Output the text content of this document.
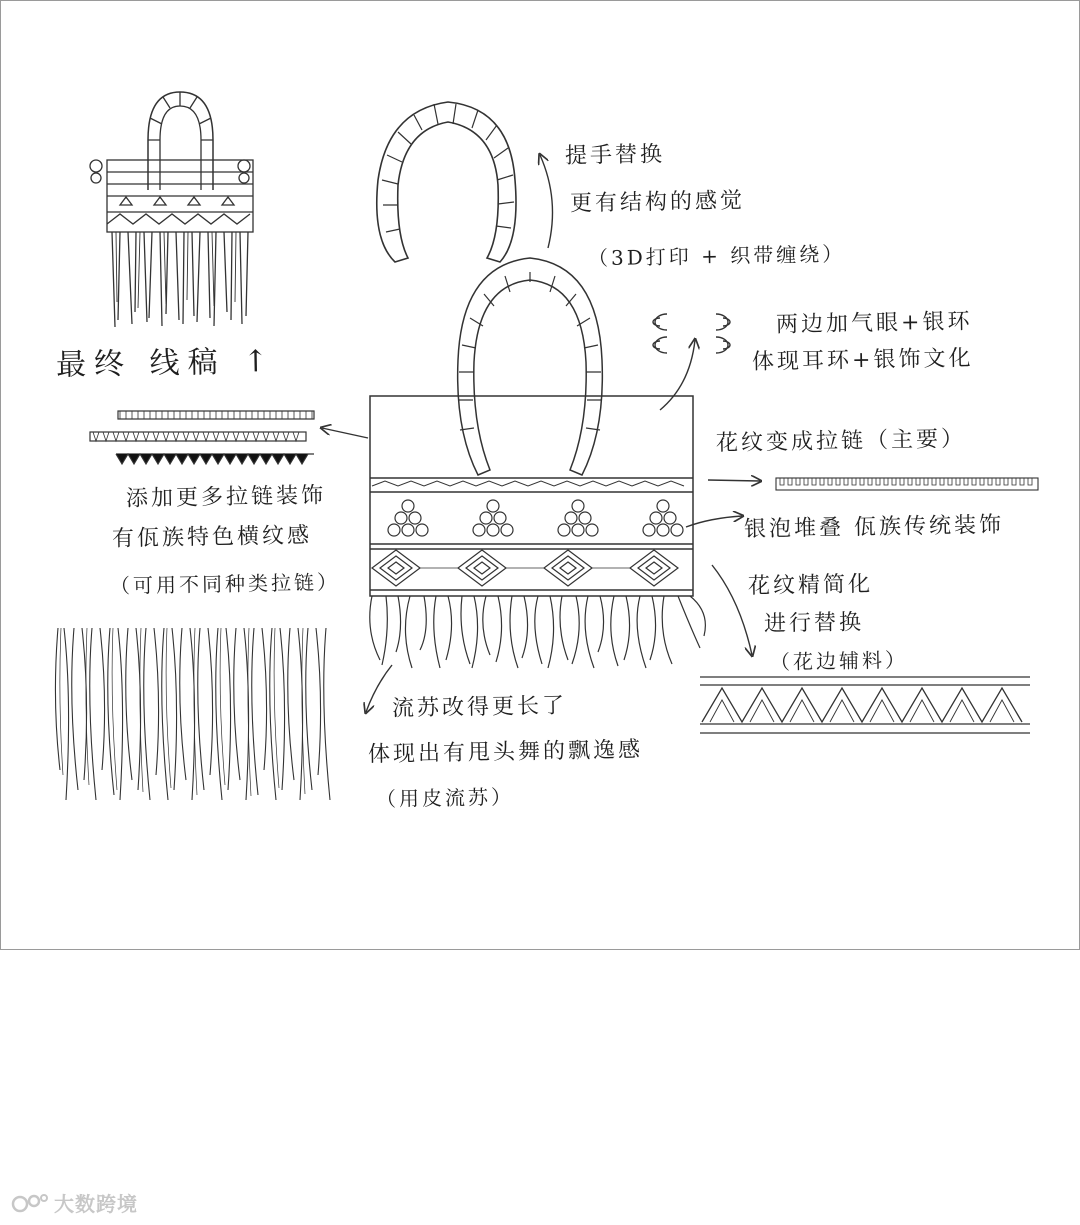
最终 线稿 ↑
提手替换
更有结构的感觉
（3D打印 + 织带缠绕）
两边加气眼+银环
体现耳环+银饰文化
花纹变成拉链（主要）
添加更多拉链装饰
有佤族特色横纹感
（可用不同种类拉链）
银泡堆叠 佤族传统装饰
花纹精简化
进行替换
（花边辅料）
流苏改得更长了
体现出有甩头舞的飘逸感
（用皮流苏）
大数跨境
